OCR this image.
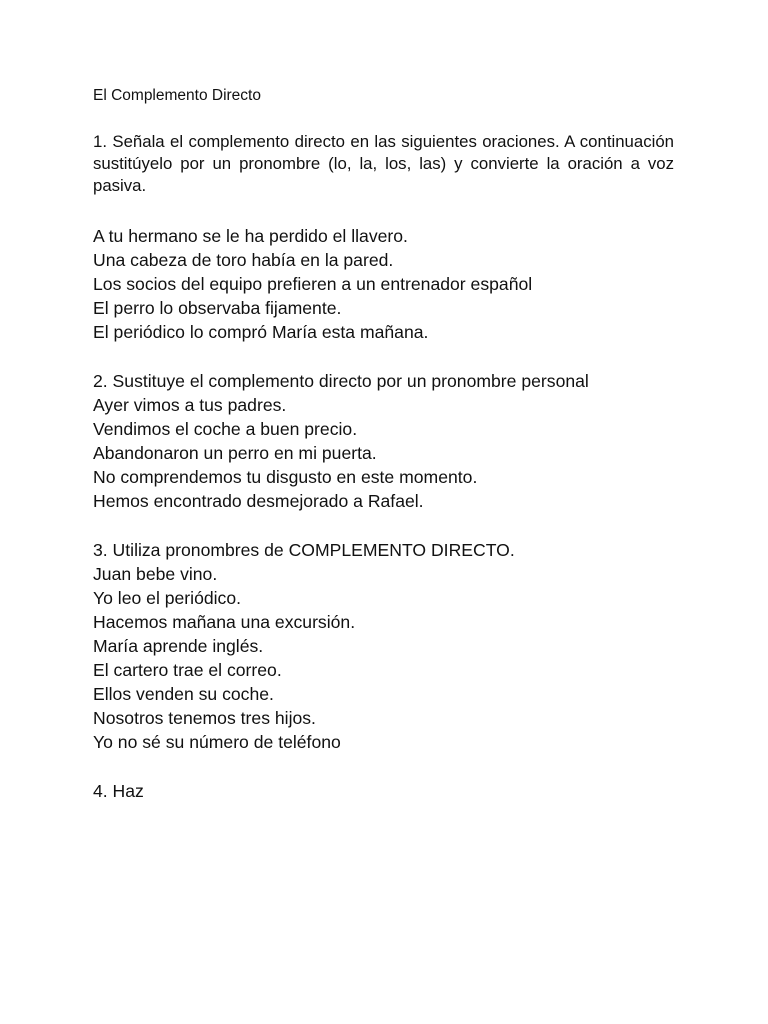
El Complemento Directo
1. Señala el complemento directo en las siguientes oraciones. A continuación sustitúyelo por un pronombre (lo, la, los, las) y convierte la oración a voz pasiva.
A tu hermano se le ha perdido el llavero.
Una cabeza de toro había en la pared.
Los socios del equipo prefieren a un entrenador español
El perro lo observaba fijamente.
El periódico lo compró María esta mañana.
2. Sustituye el complemento directo por un pronombre personal
Ayer vimos a tus padres.
Vendimos el coche a buen precio.
Abandonaron un perro en mi puerta.
No comprendemos tu disgusto en este momento.
Hemos encontrado desmejorado a Rafael.
3. Utiliza pronombres de COMPLEMENTO DIRECTO.
Juan bebe vino.
Yo leo el periódico.
Hacemos mañana una excursión.
María aprende inglés.
El cartero trae el correo.
Ellos venden su coche.
Nosotros tenemos tres hijos.
Yo no sé su número de teléfono
4. Haz
